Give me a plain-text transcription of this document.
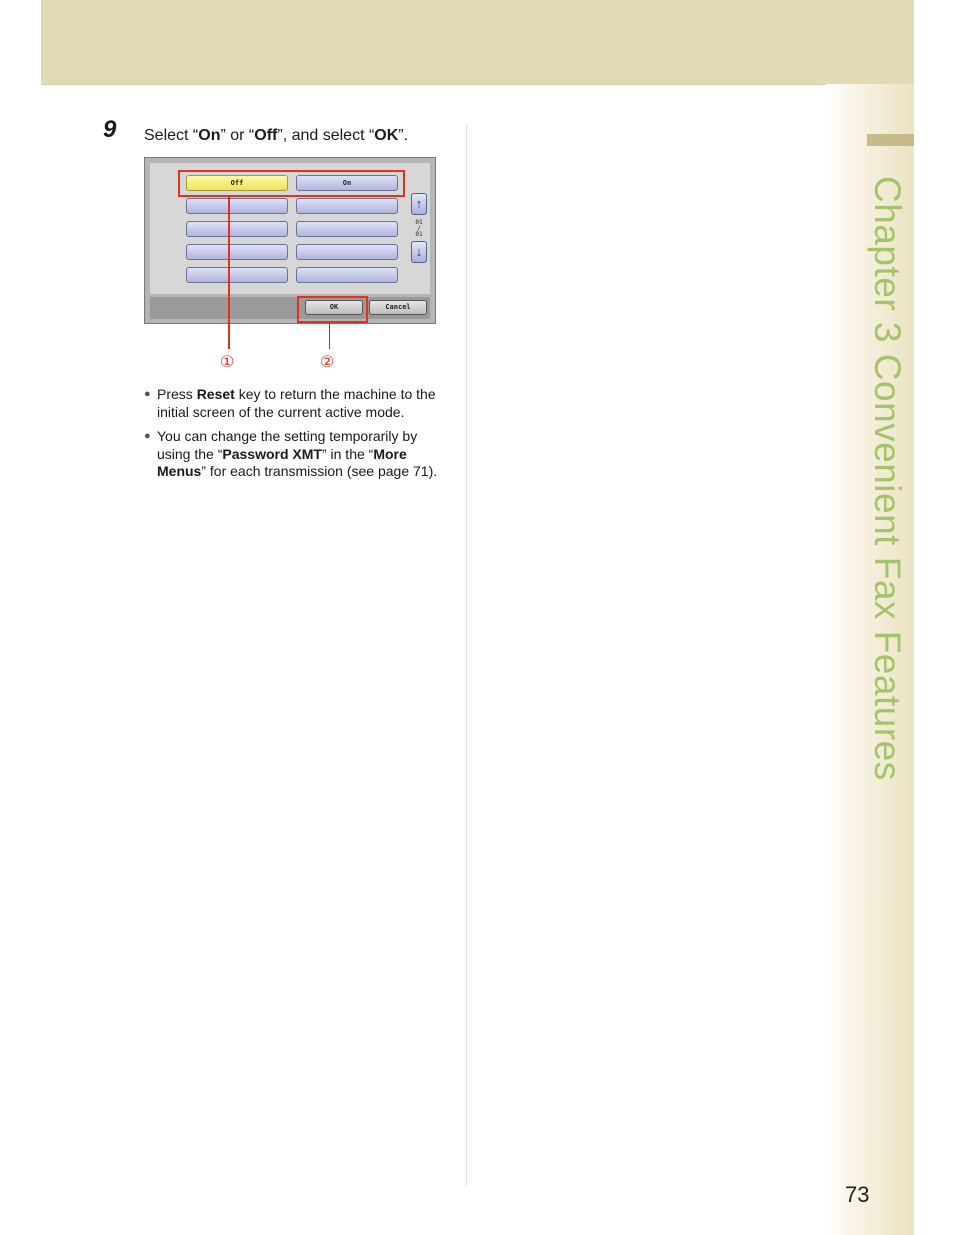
Chapter 3 Convenient Fax Features
9 Select “On” or “Off”, and select “OK”.
Off	On
↑
01
/
01
↓
OK	Cancel
①	②
● Press Reset key to return the machine to the initial screen of the current active mode.
● You can change the setting temporarily by using the “Password XMT” in the “More Menus” for each transmission (see page 71).
73
